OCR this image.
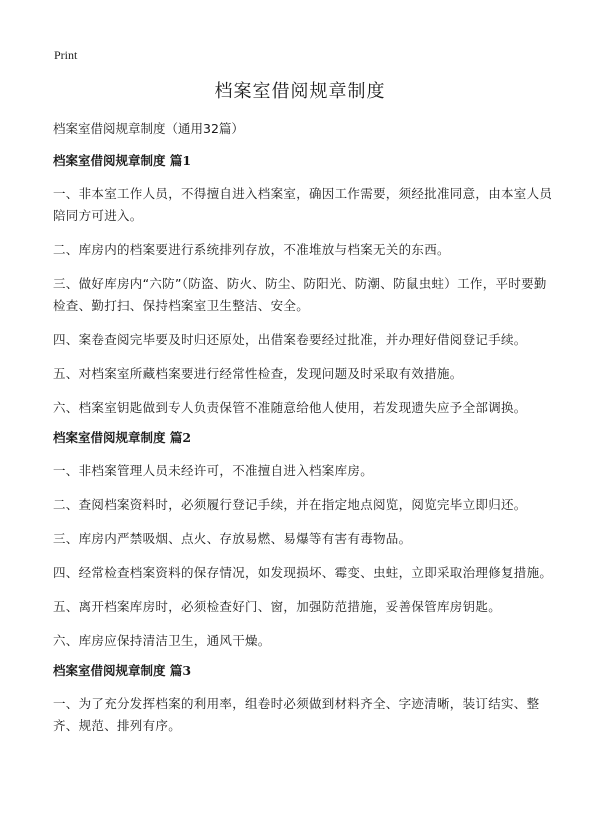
Print
档案室借阅规章制度

档案室借阅规章制度（通用32篇）

档案室借阅规章制度 篇1

一、非本室工作人员，不得擅自进入档案室，确因工作需要，须经批准同意，由本室人员陪同方可进入。

二、库房内的档案要进行系统排列存放，不准堆放与档案无关的东西。

三、做好库房内“六防”（防盗、防火、防尘、防阳光、防潮、防鼠虫蛀）工作，平时要勤检查、勤打扫、保持档案室卫生整洁、安全。

四、案卷查阅完毕要及时归还原处，出借案卷要经过批准，并办理好借阅登记手续。

五、对档案室所藏档案要进行经常性检查，发现问题及时采取有效措施。

六、档案室钥匙做到专人负责保管不准随意给他人使用，若发现遗失应予全部调换。

档案室借阅规章制度 篇2

一、非档案管理人员未经许可，不准擅自进入档案库房。

二、查阅档案资料时，必须履行登记手续，并在指定地点阅览，阅览完毕立即归还。

三、库房内严禁吸烟、点火、存放易燃、易爆等有害有毒物品。

四、经常检查档案资料的保存情况，如发现损坏、霉变、虫蛀，立即采取治理修复措施。

五、离开档案库房时，必须检查好门、窗，加强防范措施，妥善保管库房钥匙。

六、库房应保持清洁卫生，通风干燥。

档案室借阅规章制度 篇3

一、为了充分发挥档案的利用率，组卷时必须做到材料齐全、字迹清晰，装订结实、整齐、规范、排列有序。
